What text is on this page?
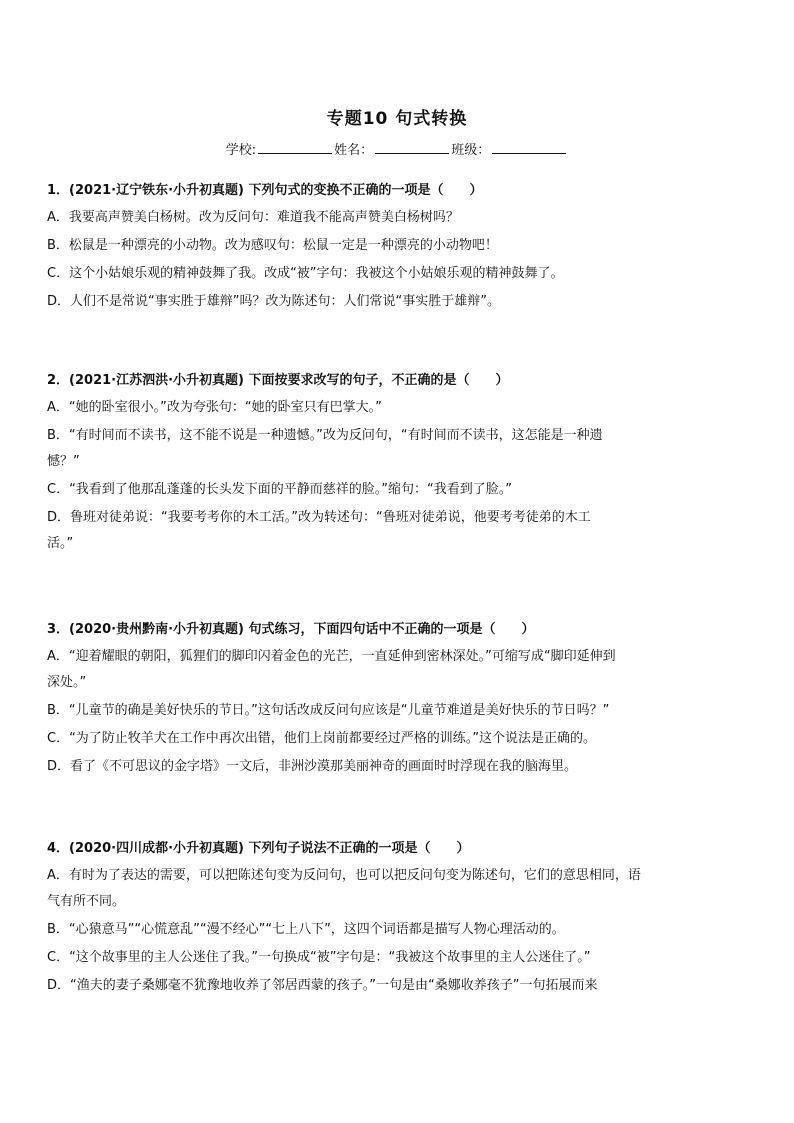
专题10 句式转换
学校:	姓名：	班级：
1．(2021·辽宁铁东·小升初真题) 下列句式的变换不正确的一项是（　　）
A．我要高声赞美白杨树。改为反问句：难道我不能高声赞美白杨树吗？
B．松鼠是一种漂亮的小动物。改为感叹句：松鼠一定是一种漂亮的小动物吧！
C．这个小姑娘乐观的精神鼓舞了我。改成“被”字句：我被这个小姑娘乐观的精神鼓舞了。
D．人们不是常说“事实胜于雄辩”吗？改为陈述句：人们常说“事实胜于雄辩”。
2．(2021·江苏泗洪·小升初真题) 下面按要求改写的句子，不正确的是（　　）
A．“她的卧室很小。”改为夸张句：“她的卧室只有巴掌大。”
B．“有时间而不读书，这不能不说是一种遗憾。”改为反问句，“有时间而不读书，这怎能是一种遗
憾？”
C．“我看到了他那乱蓬蓬的长头发下面的平静而慈祥的脸。”缩句：“我看到了脸。”
D．鲁班对徒弟说：“我要考考你的木工活。”改为转述句：“鲁班对徒弟说，他要考考徒弟的木工
活。”
3．(2020·贵州黔南·小升初真题) 句式练习，下面四句话中不正确的一项是（　　）
A．“迎着耀眼的朝阳，狐狸们的脚印闪着金色的光芒，一直延伸到密林深处。”可缩写成“脚印延伸到
深处。”
B．“儿童节的确是美好快乐的节日。”这句话改成反问句应该是“儿童节难道是美好快乐的节日吗？”
C．“为了防止牧羊犬在工作中再次出错，他们上岗前都要经过严格的训练。”这个说法是正确的。
D．看了《不可思议的金字塔》一文后，非洲沙漠那美丽神奇的画面时时浮现在我的脑海里。
4．(2020·四川成都·小升初真题) 下列句子说法不正确的一项是（　　）
A．有时为了表达的需要，可以把陈述句变为反问句，也可以把反问句变为陈述句，它们的意思相同，语
气有所不同。
B．“心猿意马”“心慌意乱”“漫不经心”“七上八下”，这四个词语都是描写人物心理活动的。
C．“这个故事里的主人公迷住了我。”一句换成“被”字句是：“我被这个故事里的主人公迷住了。”
D．“渔夫的妻子桑娜毫不犹豫地收养了邻居西蒙的孩子。”一句是由“桑娜收养孩子”一句拓展而来
